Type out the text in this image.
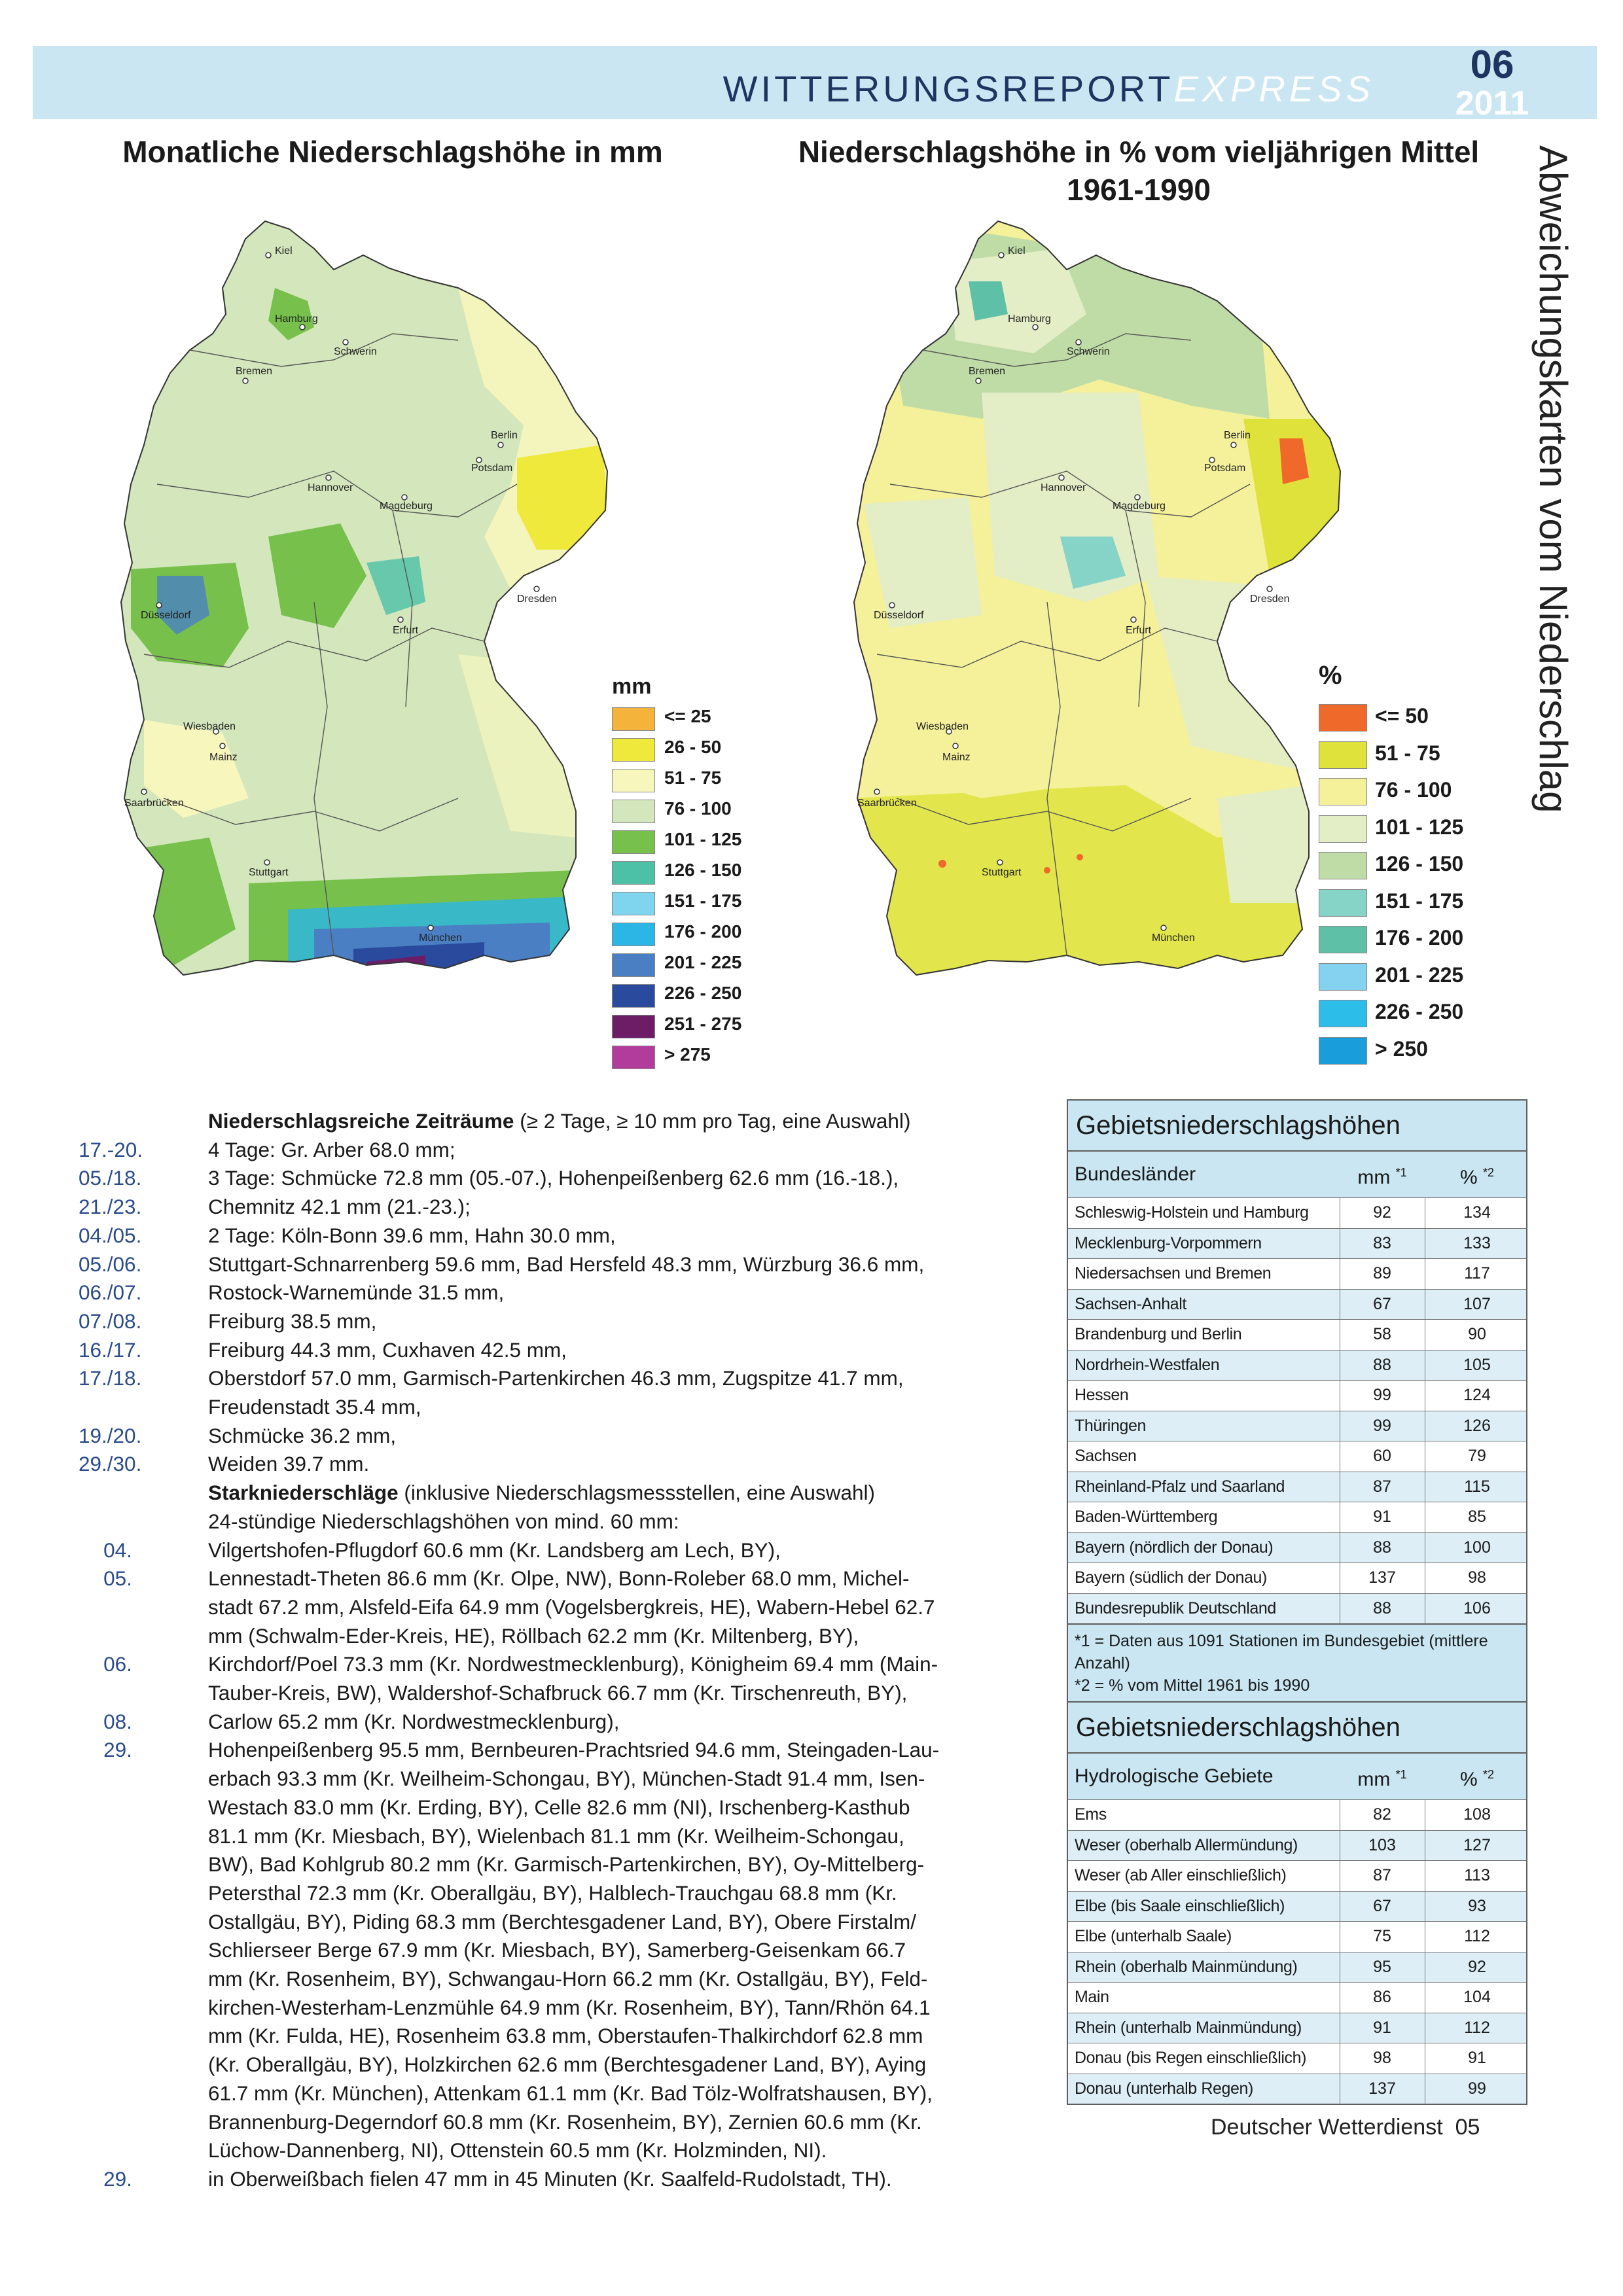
WITTERUNGSREPORTEXPRESS
06
2011
Monatliche Niederschlagshöhe in mm	Niederschlagshöhe in % vom vieljährigen Mittel
1961-1990	Abweichungskarten vom Niederschlag
Kiel
Hamburg
Schwerin
Bremen
Berlin
Potsdam
Hannover
Magdeburg
Düsseldorf
Dresden
Erfurt
Wiesbaden
Mainz
Saarbrücken
Stuttgart
München
mm
<= 25
26 - 50
51 - 75
76 - 100
101 - 125
126 - 150
151 - 175
176 - 200
201 - 225
226 - 250
251 - 275
> 275
Kiel
Hamburg
Schwerin
Bremen
Berlin
Potsdam
Hannover
Magdeburg
Düsseldorf
Dresden
Erfurt
Wiesbaden
Mainz
Saarbrücken
Stuttgart
München
%
<= 50
51 - 75
76 - 100
101 - 125
126 - 150
151 - 175
176 - 200
201 - 225
226 - 250
> 250
Niederschlagsreiche Zeiträume (≥ 2 Tage, ≥ 10 mm pro Tag, eine Auswahl)
17.-20.	4 Tage: Gr. Arber 68.0 mm;
05./18.	3 Tage: Schmücke 72.8 mm (05.-07.), Hohenpeißenberg 62.6 mm (16.-18.),
21./23.	Chemnitz 42.1 mm (21.-23.);
04./05.	2 Tage: Köln-Bonn 39.6 mm, Hahn 30.0 mm,
05./06.	Stuttgart-Schnarrenberg 59.6 mm, Bad Hersfeld 48.3 mm, Würzburg 36.6 mm,
06./07.	Rostock-Warnemünde 31.5 mm,
07./08.	Freiburg 38.5 mm,
16./17.	Freiburg 44.3 mm, Cuxhaven 42.5 mm,
17./18.	Oberstdorf 57.0 mm, Garmisch-Partenkirchen 46.3 mm, Zugspitze 41.7 mm,
Freudenstadt 35.4 mm,
19./20.	Schmücke 36.2 mm,
29./30.	Weiden 39.7 mm.
Starkniederschläge (inklusive Niederschlagsmessstellen, eine Auswahl)
24-stündige Niederschlagshöhen von mind. 60 mm:
04.	Vilgertshofen-Pflugdorf 60.6 mm (Kr. Landsberg am Lech, BY),
05.	Lennestadt-Theten 86.6 mm (Kr. Olpe, NW), Bonn-Roleber 68.0 mm, Michel-
stadt 67.2 mm, Alsfeld-Eifa 64.9 mm (Vogelsbergkreis, HE), Wabern-Hebel 62.7
mm (Schwalm-Eder-Kreis, HE), Röllbach 62.2 mm (Kr. Miltenberg, BY),
06.	Kirchdorf/Poel 73.3 mm (Kr. Nordwestmecklenburg), Königheim 69.4 mm (Main-
Tauber-Kreis, BW), Waldershof-Schafbruck 66.7 mm (Kr. Tirschenreuth, BY),
08.	Carlow 65.2 mm (Kr. Nordwestmecklenburg),
29.	Hohenpeißenberg 95.5 mm, Bernbeuren-Prachtsried 94.6 mm, Steingaden-Lau-
erbach 93.3 mm (Kr. Weilheim-Schongau, BY), München-Stadt 91.4 mm, Isen-
Westach 83.0 mm (Kr. Erding, BY), Celle 82.6 mm (NI), Irschenberg-Kasthub
81.1 mm (Kr. Miesbach, BY), Wielenbach 81.1 mm (Kr. Weilheim-Schongau,
BW), Bad Kohlgrub 80.2 mm (Kr. Garmisch-Partenkirchen, BY), Oy-Mittelberg-
Petersthal 72.3 mm (Kr. Oberallgäu, BY), Halblech-Trauchgau 68.8 mm (Kr.
Ostallgäu, BY), Piding 68.3 mm (Berchtesgadener Land, BY), Obere Firstalm/
Schlierseer Berge 67.9 mm (Kr. Miesbach, BY), Samerberg-Geisenkam 66.7
mm (Kr. Rosenheim, BY), Schwangau-Horn 66.2 mm (Kr. Ostallgäu, BY), Feld-
kirchen-Westerham-Lenzmühle 64.9 mm (Kr. Rosenheim, BY), Tann/Rhön 64.1
mm (Kr. Fulda, HE), Rosenheim 63.8 mm, Oberstaufen-Thalkirchdorf 62.8 mm
(Kr. Oberallgäu, BY), Holzkirchen 62.6 mm (Berchtesgadener Land, BY), Aying
61.7 mm (Kr. München), Attenkam 61.1 mm (Kr. Bad Tölz-Wolfratshausen, BY),
Brannenburg-Degerndorf 60.8 mm (Kr. Rosenheim, BY), Zernien 60.6 mm (Kr.
Lüchow-Dannenberg, NI), Ottenstein 60.5 mm (Kr. Holzminden, NI).
29.	in Oberweißbach fielen 47 mm in 45 Minuten (Kr. Saalfeld-Rudolstadt, TH).
Gebietsniederschlagshöhen
Bundesländer	mm $^{*1}$	% $^{*2}$
Schleswig-Holstein und Hamburg	92	134
Mecklenburg-Vorpommern	83	133
Niedersachsen und Bremen	89	117
Sachsen-Anhalt	67	107
Brandenburg und Berlin	58	90
Nordrhein-Westfalen	88	105
Hessen	99	124
Thüringen	99	126
Sachsen	60	79
Rheinland-Pfalz und Saarland	87	115
Baden-Württemberg	91	85
Bayern (nördlich der Donau)	88	100
Bayern (südlich der Donau)	137	98
Bundesrepublik Deutschland	88	106
*1 = Daten aus 1091 Stationen im Bundesgebiet (mittlere Anzahl)
*2 = % vom Mittel 1961 bis 1990
Gebietsniederschlagshöhen
Hydrologische Gebiete	mm $^{*1}$	% $^{*2}$
Ems	82	108
Weser (oberhalb Allermündung)	103	127
Weser (ab Aller einschließlich)	87	113
Elbe (bis Saale einschließlich)	67	93
Elbe (unterhalb Saale)	75	112
Rhein (oberhalb Mainmündung)	95	92
Main	86	104
Rhein (unterhalb Mainmündung)	91	112
Donau (bis Regen einschließlich)	98	91
Donau (unterhalb Regen)	137	99
Deutscher Wetterdienst 05
